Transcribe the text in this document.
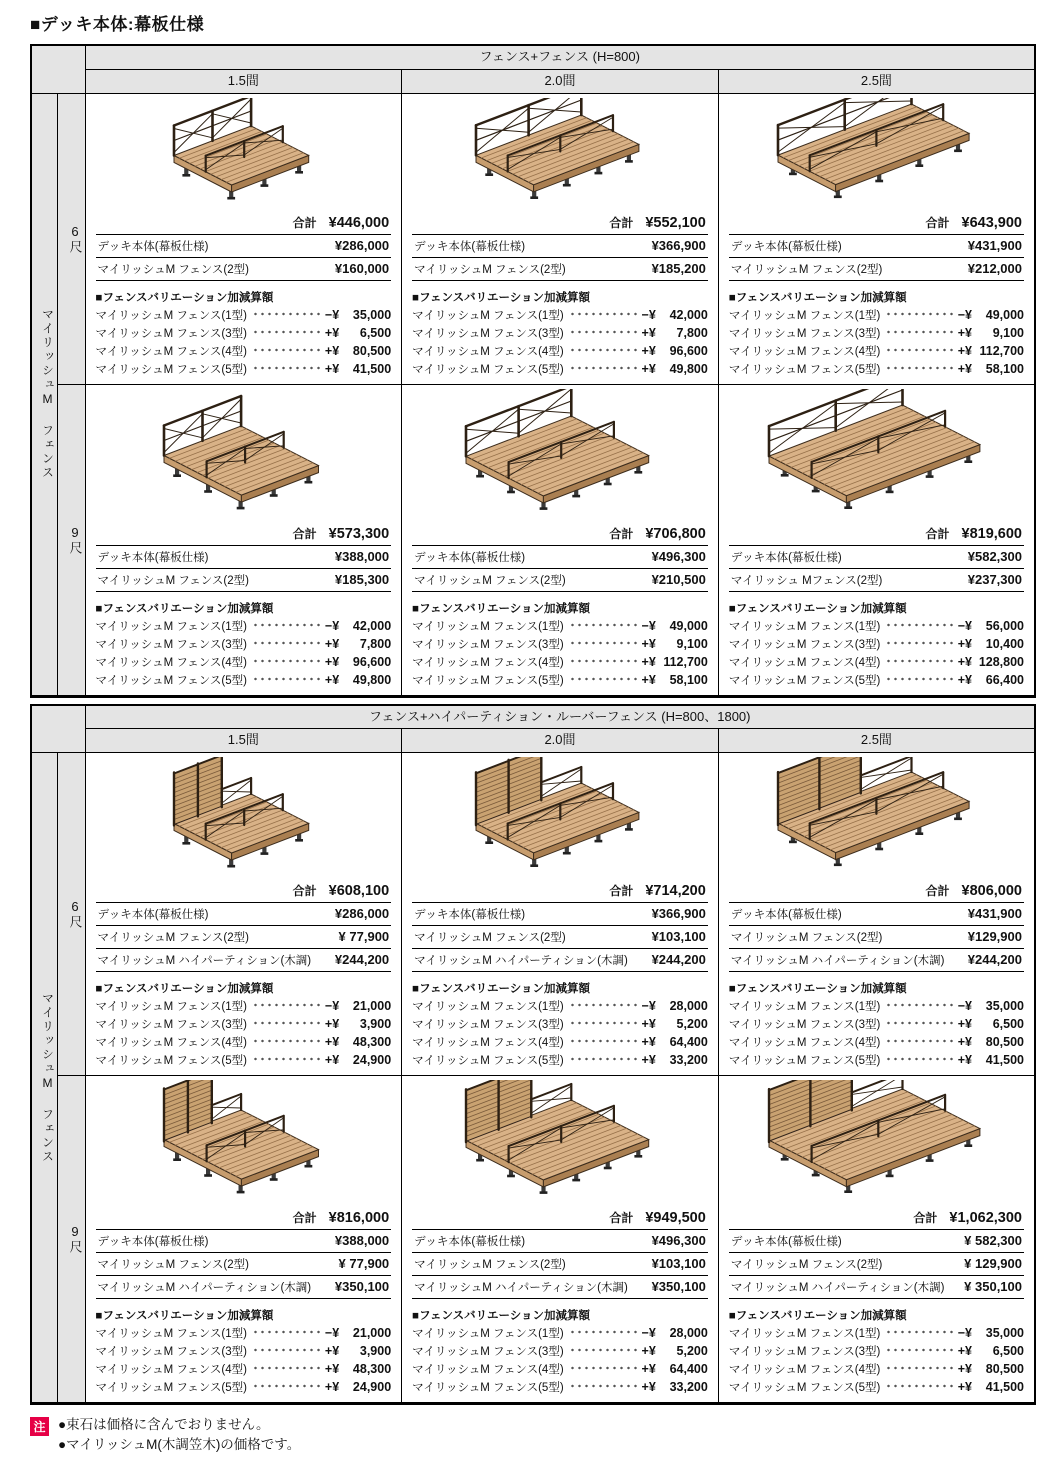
■デッキ本体:幕板仕様
		フェンス+フェンス (H=800)		
		1.5間	2.0間	2.5間
マイリッシュM フェンス	6尺	
合計 ¥446,000
デッキ本体(幕板仕様)	¥286,000
マイリッシュM フェンス(2型)	¥160,000
■フェンスバリエーション加減算額
マイリッシュM フェンス(1型)	−¥	35,000
マイリッシュM フェンス(3型)	+¥	6,500
マイリッシュM フェンス(4型)	+¥	80,500
マイリッシュM フェンス(5型)	+¥	41,500

合計 ¥552,100
デッキ本体(幕板仕様)	¥366,900
マイリッシュM フェンス(2型)	¥185,200
■フェンスバリエーション加減算額
マイリッシュM フェンス(1型)	−¥	42,000
マイリッシュM フェンス(3型)	+¥	7,800
マイリッシュM フェンス(4型)	+¥	96,600
マイリッシュM フェンス(5型)	+¥	49,800

合計 ¥643,900
デッキ本体(幕板仕様)	¥431,900
マイリッシュM フェンス(2型)	¥212,000
■フェンスバリエーション加減算額
マイリッシュM フェンス(1型)	−¥	49,000
マイリッシュM フェンス(3型)	+¥	9,100
マイリッシュM フェンス(4型)	+¥ 112,700
マイリッシュM フェンス(5型)	+¥	58,100

9尺	合計 ¥573,300
デッキ本体(幕板仕様)	¥388,000
マイリッシュM フェンス(2型)	¥185,300
■フェンスバリエーション加減算額
マイリッシュM フェンス(1型)	−¥	42,000
マイリッシュM フェンス(3型)	+¥	7,800
マイリッシュM フェンス(4型)	+¥	96,600
マイリッシュM フェンス(5型)	+¥	49,800

合計 ¥706,800
デッキ本体(幕板仕様)	¥496,300
マイリッシュM フェンス(2型)	¥210,500
■フェンスバリエーション加減算額
マイリッシュM フェンス(1型)	−¥	49,000
マイリッシュM フェンス(3型)	+¥	9,100
マイリッシュM フェンス(4型)	+¥ 112,700
マイリッシュM フェンス(5型)	+¥	58,100

合計 ¥819,600
デッキ本体(幕板仕様)	¥582,300
マイリッシュ Mフェンス(2型)	¥237,300
■フェンスバリエーション加減算額
マイリッシュM フェンス(1型)	−¥	56,000
マイリッシュM フェンス(3型)	+¥	10,400
マイリッシュM フェンス(4型)	+¥ 128,800
マイリッシュM フェンス(5型)	+¥	66,400
		フェンス+ハイパーティション・ルーバーフェンス (H=800、1800)		
		1.5間	2.0間	2.5間
マイリッシュM フェンス	6尺	
合計 ¥608,100
デッキ本体(幕板仕様)	¥286,000
マイリッシュM フェンス(2型)	¥ 77,900
マイリッシュM ハイパーティション(木調) ¥244,200
■フェンスバリエーション加減算額
マイリッシュM フェンス(1型)	−¥	21,000
マイリッシュM フェンス(3型)	+¥	3,900
マイリッシュM フェンス(4型)	+¥	48,300
マイリッシュM フェンス(5型)	+¥	24,900

合計 ¥714,200
デッキ本体(幕板仕様)	¥366,900
マイリッシュM フェンス(2型)	¥103,100
マイリッシュM ハイパーティション(木調) ¥244,200
■フェンスバリエーション加減算額
マイリッシュM フェンス(1型)	−¥	28,000
マイリッシュM フェンス(3型)	+¥	5,200
マイリッシュM フェンス(4型)	+¥	64,400
マイリッシュM フェンス(5型)	+¥	33,200

合計 ¥806,000
デッキ本体(幕板仕様)	¥431,900
マイリッシュM フェンス(2型)	¥129,900
マイリッシュM ハイパーティション(木調) ¥244,200
■フェンスバリエーション加減算額
マイリッシュM フェンス(1型)	−¥	35,000
マイリッシュM フェンス(3型)	+¥	6,500
マイリッシュM フェンス(4型)	+¥	80,500
マイリッシュM フェンス(5型)	+¥	41,500

9尺	
合計 ¥816,000
デッキ本体(幕板仕様)	¥388,000
マイリッシュM フェンス(2型)	¥ 77,900
マイリッシュM ハイパーティション(木調) ¥350,100
■フェンスバリエーション加減算額
マイリッシュM フェンス(1型)	−¥	21,000
マイリッシュM フェンス(3型)	+¥	3,900
マイリッシュM フェンス(4型)	+¥	48,300
マイリッシュM フェンス(5型)	+¥	24,900

合計 ¥949,500
デッキ本体(幕板仕様)	¥496,300
マイリッシュM フェンス(2型)	¥103,100
マイリッシュM ハイパーティション(木調) ¥350,100
■フェンスバリエーション加減算額
マイリッシュM フェンス(1型)	−¥	28,000
マイリッシュM フェンス(3型)	+¥	5,200
マイリッシュM フェンス(4型)	+¥	64,400
マイリッシュM フェンス(5型)	+¥	33,200

合計 ¥1,062,300
デッキ本体(幕板仕様)	¥ 582,300
マイリッシュM フェンス(2型)	¥ 129,900
マイリッシュM ハイパーティション(木調) ¥ 350,100
■フェンスバリエーション加減算額
マイリッシュM フェンス(1型)	−¥	35,000
マイリッシュM フェンス(3型)	+¥	6,500
マイリッシュM フェンス(4型)	+¥	80,500
マイリッシュM フェンス(5型)	+¥	41,500
注 ●束石は価格に含んでおりません。
●マイリッシュM(木調笠木)の価格です。
